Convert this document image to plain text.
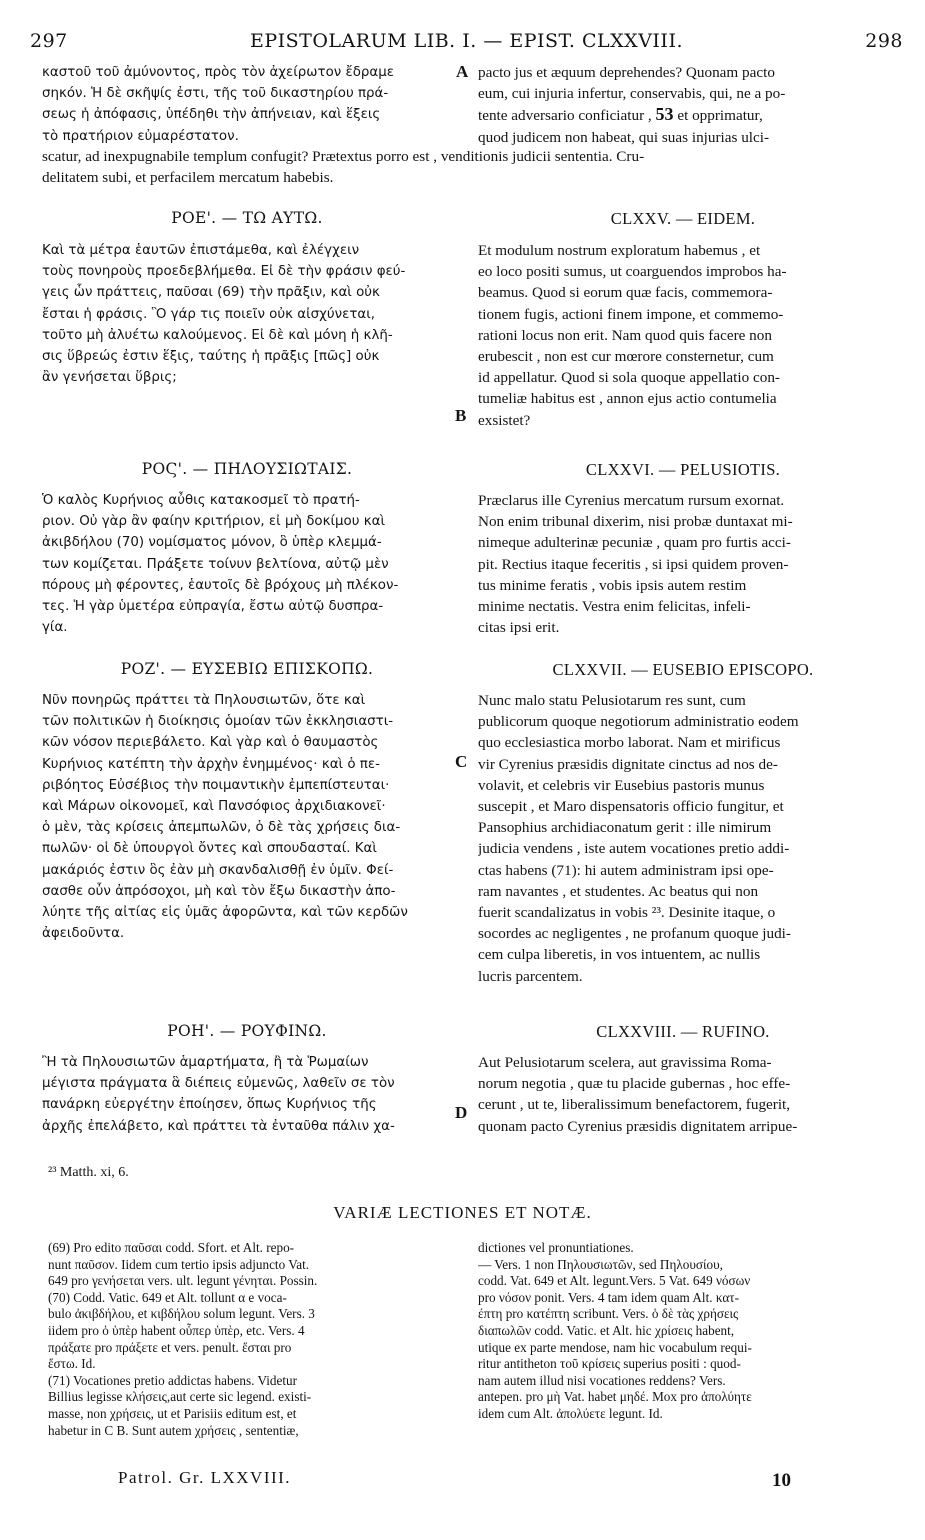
297	EPISTOLARUM LIB. I. — EPIST. CLXXVIII.	298
καστοῦ τοῦ ἀμύνοντος, πρὸς τὸν ἀχείρωτον ἔδραμε
σηκόν. Ἡ δὲ σκῆψίς ἐστι, τῆς τοῦ δικαστηρίου πρά-
σεως ἡ ἀπόφασις, ὑπέδηθι τὴν ἀπήνειαν, καὶ ἕξεις
τὸ πρατήριον εὐμαρέστατον.
A pacto jus et æquum deprehendes? Quonam pacto
eum, cui injuria infertur, conservabis, qui, ne a po-
tente adversario conficiatur , 53 et opprimatur,
quod judicem non habeat, qui suas injurias ulci-
scatur, ad inexpugnabile templum confugit? Prætextus porro est , venditionis judicii sententia. Cru-
delitatem subi, et perfacilem mercatum habebis.
ΡΟΕ'. — ΤΩ ΑΥΤΩ.	CLXXV. — EIDEM.
Καὶ τὰ μέτρα ἑαυτῶν ἐπιστάμεθα, καὶ ἐλέγχειν
τοὺς πονηροὺς προεδεβλήμεθα. Εἰ δὲ τὴν φράσιν φεύ-
γεις ὧν πράττεις, παῦσαι (69) τὴν πρᾶξιν, καὶ οὐκ
ἔσται ἡ φράσις. Ὃ γάρ τις ποιεῖν οὐκ αἰσχύνεται,
τοῦτο μὴ ἀλυέτω καλούμενος. Εἰ δὲ καὶ μόνη ἡ κλῆ-
σις ὕβρεώς ἐστιν ἕξις, ταύτης ἡ πρᾶξις [πῶς] οὐκ
ἂν γενήσεται ὕβρις;
Et modulum nostrum exploratum habemus , et
eo loco positi sumus, ut coarguendos improbos ha-
beamus. Quod si eorum quæ facis, commemora-
tionem fugis, actioni finem impone, et commemo-
rationi locus non erit. Nam quod quis facere non
erubescit , non est cur mœrore consternetur, cum
id appellatur. Quod si sola quoque appellatio con-
tumeliæ habitus est , annon ejus actio contumelia
exsistet?
B
ΡΟϚ'. — ΠΗΛΟΥΣΙΩΤΑΙΣ.	CLXXVI. — PELUSIOTIS.
Ὁ καλὸς Κυρήνιος αὖθις κατακοσμεῖ τὸ πρατή-
ριον. Οὐ γὰρ ἂν φαίην κριτήριον, εἰ μὴ δοκίμου καὶ
ἀκιβδήλου (70) νομίσματος μόνον, ὃ ὑπὲρ κλεμμά-
των κομίζεται. Πράξετε τοίνυν βελτίονα, αὐτῷ μὲν
πόρους μὴ φέροντες, ἑαυτοῖς δὲ βρόχους μὴ πλέκον-
τες. Ἡ γὰρ ὑμετέρα εὐπραγία, ἔστω αὐτῷ δυσπρα-
γία.
Præclarus ille Cyrenius mercatum rursum exornat.
Non enim tribunal dixerim, nisi probæ duntaxat mi-
nimeque adulterinæ pecuniæ , quam pro furtis acci-
pit. Rectius itaque feceritis , si ipsi quidem proven-
tus minime feratis , vobis ipsis autem restim
minime nectatis. Vestra enim felicitas, infeli-
citas ipsi erit.
ΡΟΖ'. — ΕΥΣΕΒΙΩ ΕΠΙΣΚΟΠΩ.	CLXXVII. — EUSEBIO EPISCOPO.
Νῦν πονηρῶς πράττει τὰ Πηλουσιωτῶν, ὅτε καὶ
τῶν πολιτικῶν ἡ διοίκησις ὁμοίαν τῶν ἐκκλησιαστι-
κῶν νόσον περιεβάλετο. Καὶ γὰρ καὶ ὁ θαυμαστὸς
Κυρήνιος κατέπτη τὴν ἀρχὴν ἐνημμένος· καὶ ὁ πε-
ριβόητος Εὐσέβιος τὴν ποιμαντικὴν ἐμπεπίστευται·
καὶ Μάρων οἰκονομεῖ, καὶ Πανσόφιος ἀρχιδιακονεῖ·
ὁ μὲν, τὰς κρίσεις ἀπεμπωλῶν, ὁ δὲ τὰς χρήσεις δια-
πωλῶν· οἱ δὲ ὑπουργοὶ ὄντες καὶ σπουδασταί. Καὶ
μακάριός ἐστιν ὃς ἐὰν μὴ σκανδαλισθῇ ἐν ὑμῖν. Φεί-
σασθε οὖν ἀπρόσοχοι, μὴ καὶ τὸν ἔξω δικαστὴν ἀπο-
λύητε τῆς αἰτίας εἰς ὑμᾶς ἀφορῶντα, καὶ τῶν κερδῶν
ἀφειδοῦντα.
Nunc malo statu Pelusiotarum res sunt, cum
publicorum quoque negotiorum administratio eodem
quo ecclesiastica morbo laborat. Nam et mirificus
vir Cyrenius præsidis dignitate cinctus ad nos de-
volavit, et celebris vir Eusebius pastoris munus
suscepit , et Maro dispensatoris officio fungitur, et
Pansophius archidiaconatum gerit : ille nimirum
judicia vendens , iste autem vocationes pretio addi-
ctas habens (71): hi autem administram ipsi ope-
ram navantes , et studentes. Ac beatus qui non
fuerit scandalizatus in vobis ²³. Desinite itaque, o
socordes ac negligentes , ne profanum quoque judi-
cem culpa liberetis, in vos intuentem, ac nullis
lucris parcentem.
C
ΡΟΗ'. — ΡΟΥΦΙΝΩ.	CLXXVIII. — RUFINO.
Ἢ τὰ Πηλουσιωτῶν ἁμαρτήματα, ἢ τὰ Ῥωμαίων
μέγιστα πράγματα ἃ διέπεις εὐμενῶς, λαθεῖν σε τὸν
πανάρκη εὐεργέτην ἐποίησεν, ὅπως Κυρήνιος τῆς
ἀρχῆς ἐπελάβετο, καὶ πράττει τὰ ἐνταῦθα πάλιν χα-
Aut Pelusiotarum scelera, aut gravissima Roma-
norum negotia , quæ tu placide gubernas , hoc effe-
cerunt , ut te, liberalissimum benefactorem, fugerit,
quonam pacto Cyrenius præsidis dignitatem arripue-
D
²³ Matth. xi, 6.
VARIÆ LECTIONES ET NOTÆ.
(69) Pro edito παῦσαι codd. Sfort. et Alt. repo-
nunt παῦσον. Iidem cum tertio ipsis adjuncto Vat.
649 pro γενήσεται vers. ult. legunt γένηται. Possin.
(70) Codd. Vatic. 649 et Alt. tollunt α e voca-
bulo ἀκιβδήλου, et κιβδήλου solum legunt. Vers. 3
iidem pro ὁ ὑπὲρ habent οὗπερ ὑπὲρ, etc. Vers. 4
πράξατε pro πράξετε et vers. penult. ἔσται pro
ἔστω. Id.
(71) Vocationes pretio addictas habens. Videtur
Billius legisse κλήσεις,aut certe sic legend. existi-
masse, non χρήσεις, ut et Parisiis editum est, et
habetur in C B. Sunt autem χρήσεις , sententiæ,
dictiones vel pronuntiationes.
— Vers. 1 non Πηλουσιωτῶν, sed Πηλουσίου,
codd. Vat. 649 et Alt. legunt.Vers. 5 Vat. 649 νόσων
pro νόσον ponit. Vers. 4 tam idem quam Alt. κατ-
έπτη pro κατέπτη scribunt. Vers. ὁ δὲ τὰς χρήσεις
διαπωλῶν codd. Vatic. et Alt. hic χρίσεις habent,
utique ex parte mendose, nam hic vocabulum requi-
ritur antitheton τοῦ κρίσεις superius positi : quod-
nam autem illud nisi vocationes reddens? Vers.
antepen. pro μὴ Vat. habet μηδέ. Mox pro ἀπολύητε
idem cum Alt. ἀπολύετε legunt. Id.
Patrol. Gr. LXXVIII.	10
